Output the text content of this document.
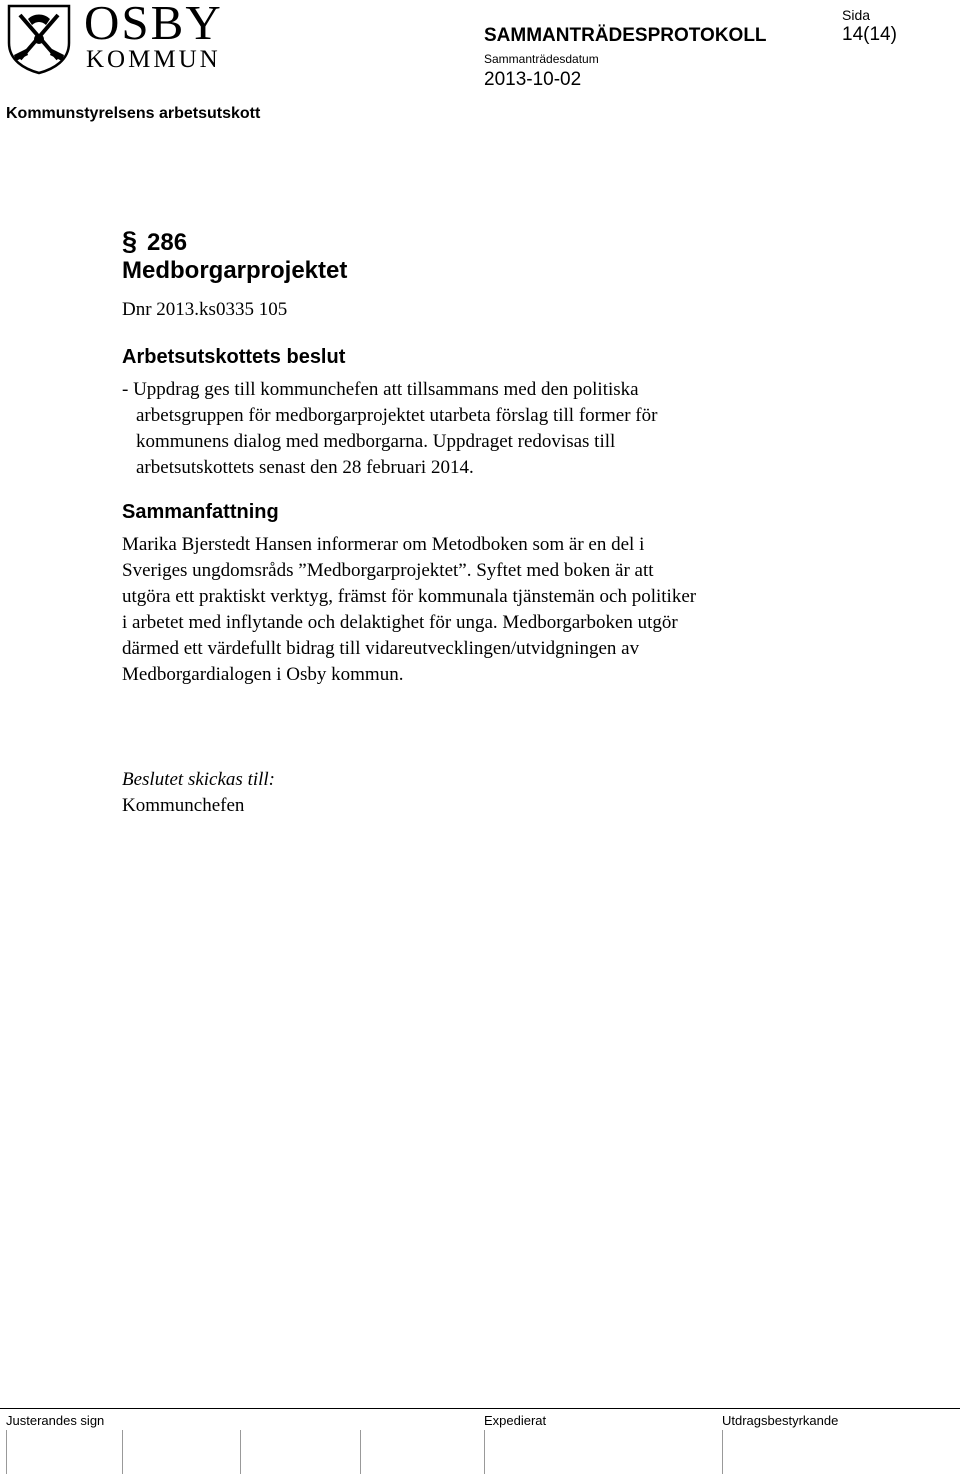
OSBY
KOMMUN
SAMMANTRÄDESPROTOKOLL
Sammanträdesdatum
2013-10-02
Sida
14(14)
Kommunstyrelsens arbetsutskott
§ 286
Medborgarprojektet
Dnr 2013.ks0335 105
Arbetsutskottets beslut

- Uppdrag ges till kommunchefen att tillsammans med den politiska
arbetsgruppen för medborgarprojektet utarbeta förslag till former för
kommunens dialog med medborgarna. Uppdraget redovisas till
arbetsutskottets senast den 28 februari 2014.

Sammanfattning

Marika Bjerstedt Hansen informerar om Metodboken som är en del i
Sveriges ungdomsråds ”Medborgarprojektet”. Syftet med boken är att
utgöra ett praktiskt verktyg, främst för kommunala tjänstemän och politiker
i arbetet med inflytande och delaktighet för unga. Medborgarboken utgör
därmed ett värdefullt bidrag till vidareutvecklingen/utvidgningen av
Medborgardialogen i Osby kommun.

Beslutet skickas till:
Kommunchefen
Justerandes sign	Expedierat	Utdragsbestyrkande
